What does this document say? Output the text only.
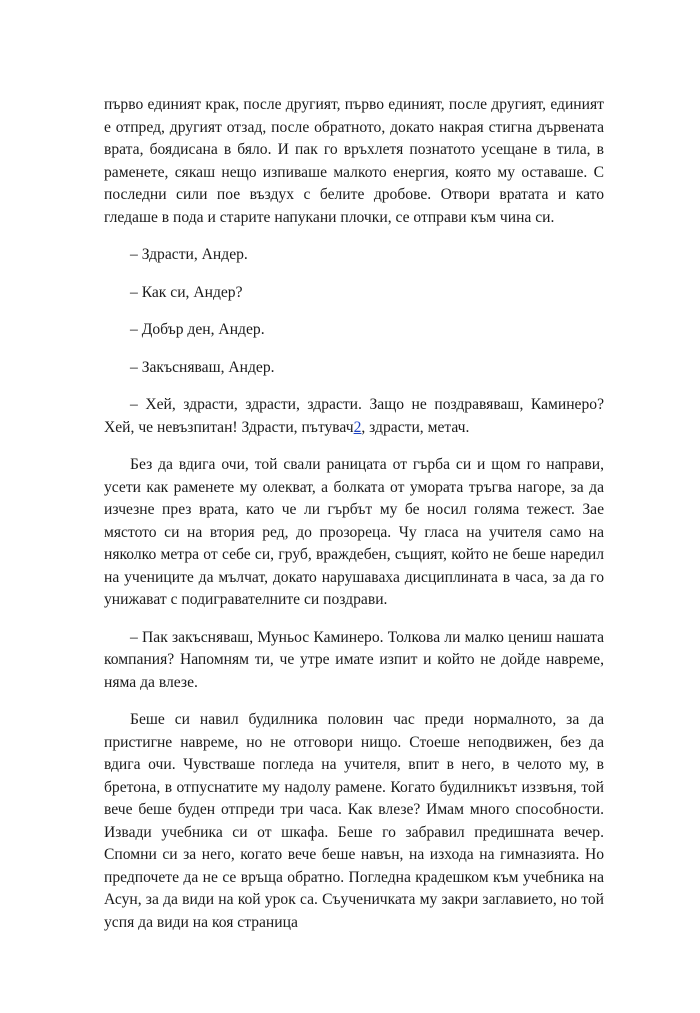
първо единият крак, после другият, първо единият, после другият, единият е отпред, другият отзад, после обратното, докато накрая стигна дървената врата, боядисана в бяло. И пак го връхлетя познатото усещане в тила, в раменете, сякаш нещо изпиваше малкото енергия, която му оставаше. С последни сили пое въздух с белите дробове. Отвори вратата и като гледаше в пода и старите напукани плочки, се отправи към чина си.

– Здрасти, Андер.

– Как си, Андер?

– Добър ден, Андер.

– Закъсняваш, Андер.

– Хей, здрасти, здрасти, здрасти. Защо не поздравяваш, Каминеро? Хей, че невъзпитан! Здрасти, пътувач2, здрасти, метач.

Без да вдига очи, той свали раницата от гърба си и щом го направи, усети как раменете му олекват, а болката от умората тръгва нагоре, за да изчезне през врата, като че ли гърбът му бе носил голяма тежест. Зае мястото си на втория ред, до прозореца. Чу гласа на учителя само на няколко метра от себе си, груб, враждебен, същият, който не беше наредил на учениците да мълчат, докато нарушаваха дисциплината в часа, за да го унижават с подигравателните си поздрави.

– Пак закъсняваш, Муньос Каминеро. Толкова ли малко цениш нашата компания? Напомням ти, че утре имате изпит и който не дойде навреме, няма да влезе.

Беше си навил будилника половин час преди нормалното, за да пристигне навреме, но не отговори нищо. Стоеше неподвижен, без да вдига очи. Чувстваше погледа на учителя, впит в него, в челото му, в бретона, в отпуснатите му надолу рамене. Когато будилникът иззвъня, той вече беше буден отпреди три часа. Как влезе? Имам много способности. Извади учебника си от шкафа. Беше го забравил предишната вечер. Спомни си за него, когато вече беше навън, на изхода на гимназията. Но предпочете да не се връща обратно. Погледна крадешком към учебника на Асун, за да види на кой урок са. Съученичката му закри заглавието, но той успя да види на коя страница
